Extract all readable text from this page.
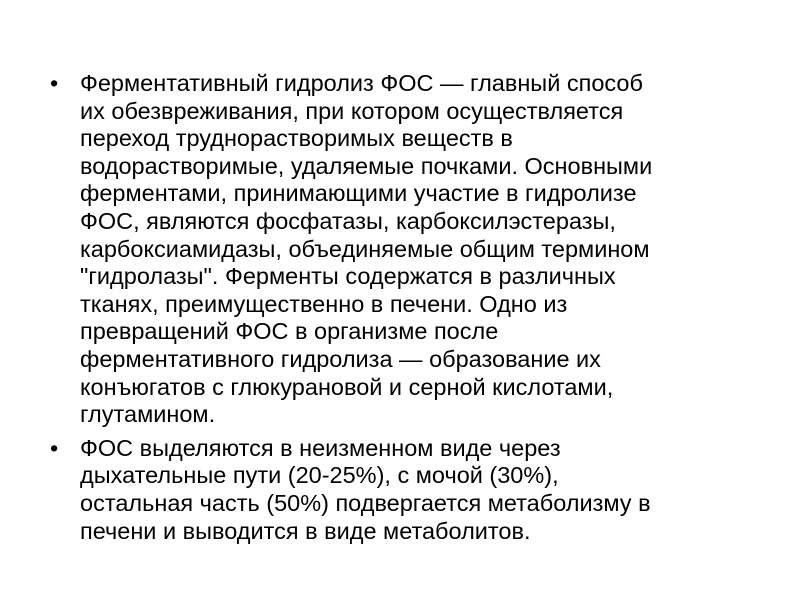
• Ферментативный гидролиз ФОС — главный способ
их обезвреживания, при котором осуществляется
переход труднорастворимых веществ в
водорастворимые, удаляемые почками. Основными
ферментами, принимающими участие в гидролизе
ФОС, являются фосфатазы, карбоксилэстеразы,
карбоксиамидазы, объединяемые общим термином
"гидролазы". Ферменты содержатся в различных
тканях, преимущественно в печени. Одно из
превращений ФОС в организме после
ферментативного гидролиза — образование их
конъюгатов с глюкурановой и серной кислотами,
глутамином.
• ФОС выделяются в неизменном виде через
дыхательные пути (20-25%), с мочой (30%),
остальная часть (50%) подвергается метаболизму в
печени и выводится в виде метаболитов.
